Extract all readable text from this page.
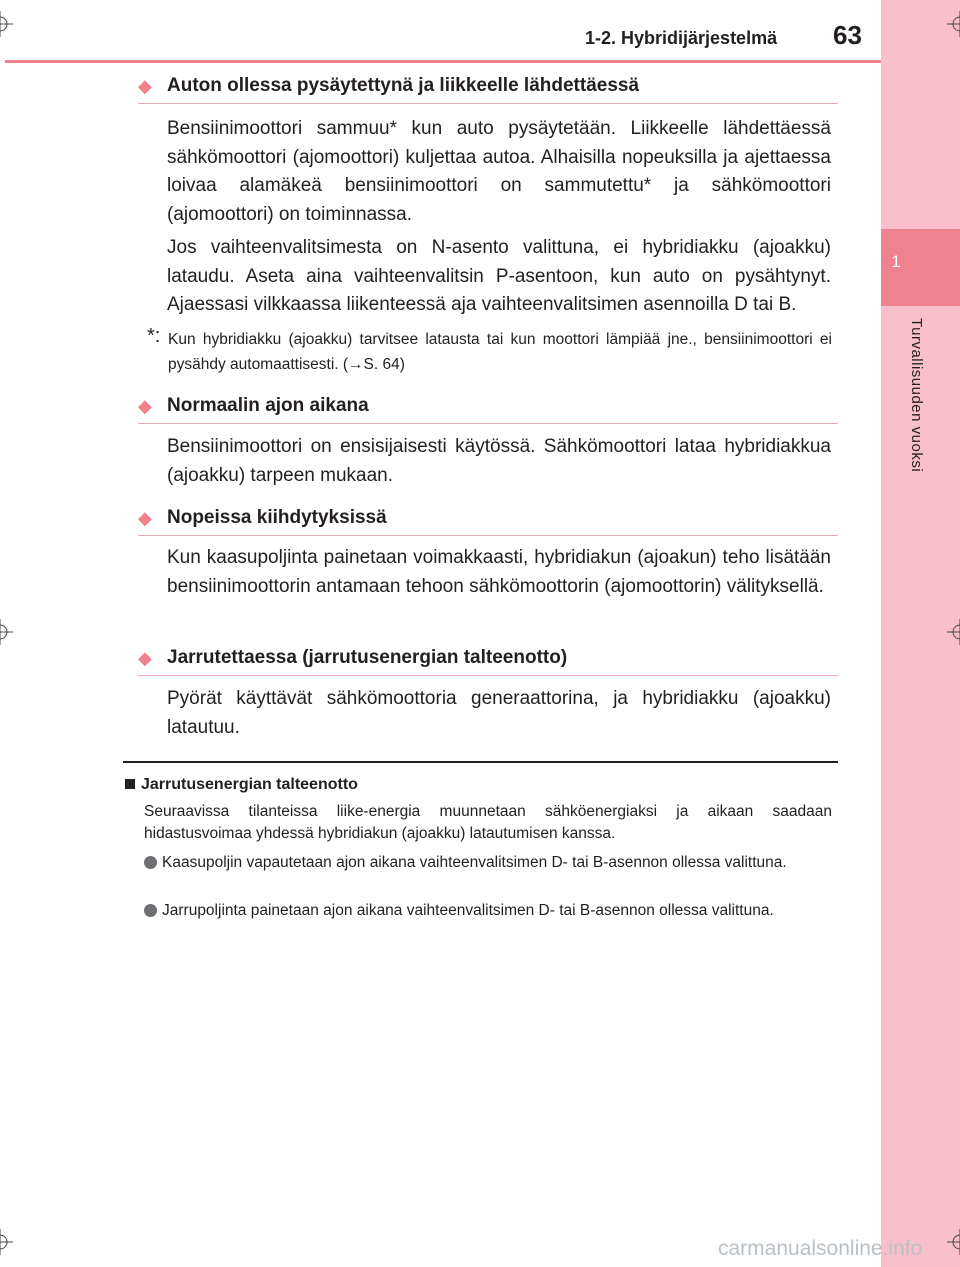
1
Turvallisuuden vuoksi
1-2. Hybridijärjestelmä 63
◆ Auton ollessa pysäytettynä ja liikkeelle lähdettäessä

Bensiinimoottori sammuu* kun auto pysäytetään. Liikkeelle lähdettäessä sähkömoottori (ajomoottori) kuljettaa autoa. Alhaisilla nopeuksilla ja ajettaessa loivaa alamäkeä bensiinimoottori on sammutettu* ja sähkömoottori (ajomoottori) on toiminnassa.

Jos vaihteenvalitsimesta on N-asento valittuna, ei hybridiakku (ajoakku) lataudu. Aseta aina vaihteenvalitsin P-asentoon, kun auto on pysähtynyt. Ajaessasi vilkkaassa liikenteessä aja vaihteenvalitsimen asennoilla D tai B.

*: Kun hybridiakku (ajoakku) tarvitsee latausta tai kun moottori lämpiää jne., bensiinimoottori ei pysähdy automaattisesti. (→S. 64)
◆ Normaalin ajon aikana

Bensiinimoottori on ensisijaisesti käytössä. Sähkömoottori lataa hybridiakkua (ajoakku) tarpeen mukaan.

◆ Nopeissa kiihdytyksissä

Kun kaasupoljinta painetaan voimakkaasti, hybridiakun (ajoakun) teho lisätään bensiinimoottorin antamaan tehoon sähkömoottorin (ajomoottorin) välityksellä.

◆ Jarrutettaessa (jarrutusenergian talteenotto)

Pyörät käyttävät sähkömoottoria generaattorina, ja hybridiakku (ajoakku) latautuu.

Jarrutusenergian talteenotto

Seuraavissa tilanteissa liike-energia muunnetaan sähköenergiaksi ja aikaan saadaan hidastusvoimaa yhdessä hybridiakun (ajoakku) latautumisen kanssa.

Kaasupoljin vapautetaan ajon aikana vaihteenvalitsimen D- tai B-asennon ollessa valittuna.
Jarrupoljinta painetaan ajon aikana vaihteenvalitsimen D- tai B-asennon ollessa valittuna.
carmanualsonline.info
